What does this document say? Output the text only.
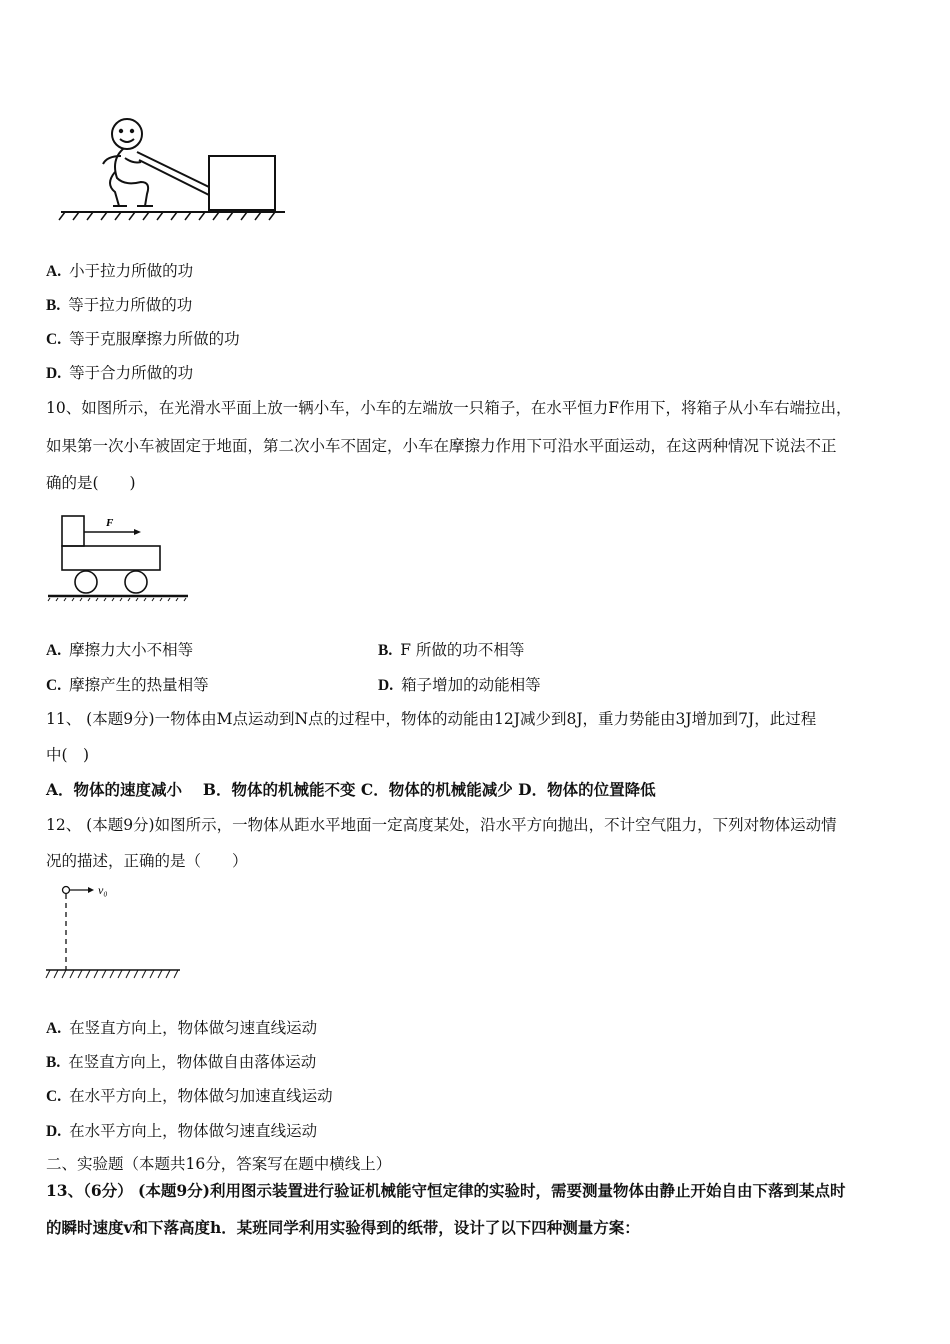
A. 小于拉力所做的功
B. 等于拉力所做的功
C. 等于克服摩擦力所做的功
D. 等于合力所做的功
10、如图所示，在光滑水平面上放一辆小车，小车的左端放一只箱子，在水平恒力F作用下，将箱子从小车右端拉出，
如果第一次小车被固定于地面，第二次小车不固定，小车在摩擦力作用下可沿水平面运动，在这两种情况下说法不正
确的是(　　)
F
A. 摩擦力大小不相等	B. F 所做的功不相等
C. 摩擦产生的热量相等	D. 箱子增加的动能相等
11、 (本题9分)一物体由M点运动到N点的过程中，物体的动能由12J减少到8J，重力势能由3J增加到7J，此过程
中(　)
A．物体的速度减小　 B．物体的机械能不变 C．物体的机械能减少 D．物体的位置降低
12、 (本题9分)如图所示，一物体从距水平地面一定高度某处，沿水平方向抛出，不计空气阻力，下列对物体运动情
况的描述，正确的是（　　）
v₀
A. 在竖直方向上，物体做匀速直线运动
B. 在竖直方向上，物体做自由落体运动
C. 在水平方向上，物体做匀加速直线运动
D. 在水平方向上，物体做匀速直线运动
二、实验题（本题共16分，答案写在题中横线上）
13、（6分） (本题9分)利用图示装置进行验证机械能守恒定律的实验时，需要测量物体由静止开始自由下落到某点时
的瞬时速度v和下落高度h．某班同学利用实验得到的纸带，设计了以下四种测量方案：
